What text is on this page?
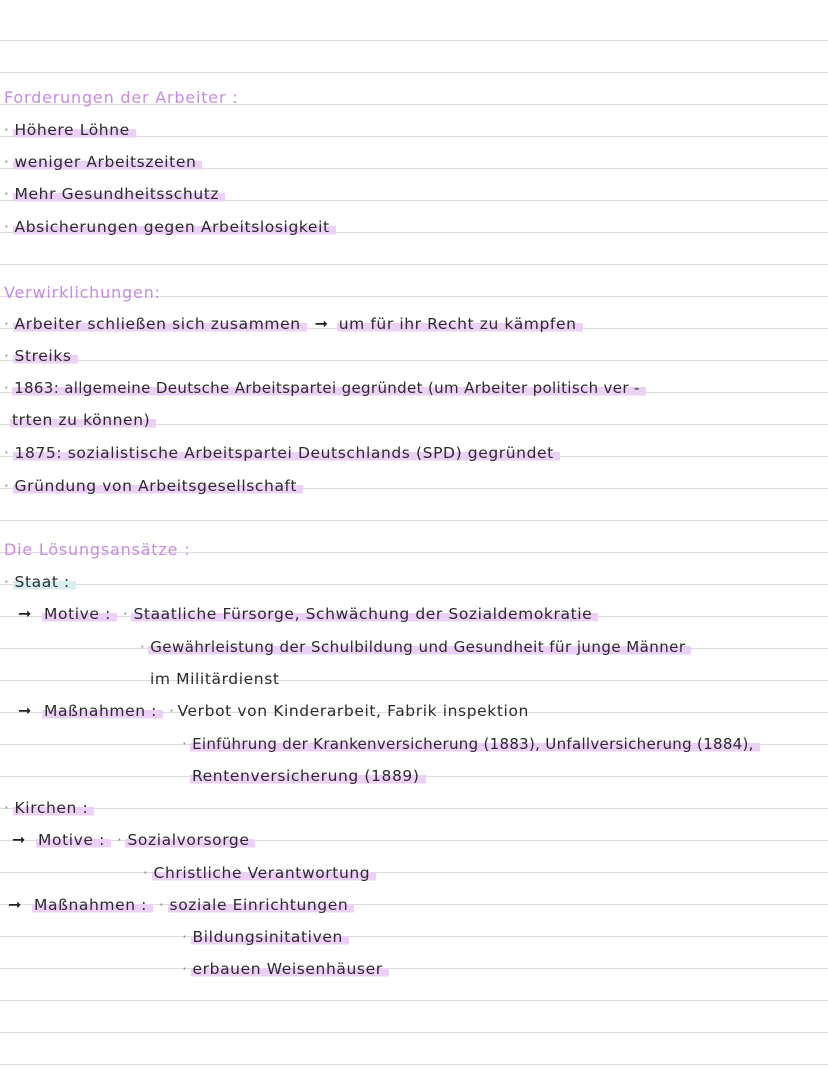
Forderungen der Arbeiter :
· Höhere Löhne
· weniger Arbeitszeiten
· Mehr Gesundheitsschutz
· Absicherungen gegen Arbeitslosigkeit
Verwirklichungen:
· Arbeiter schließen sich zusammen ➞ um für ihr Recht zu kämpfen
· Streiks
· 1863: allgemeine Deutsche Arbeitspartei gegründet (um Arbeiter politisch ver -
trten zu können)
· 1875: sozialistische Arbeitspartei Deutschlands (SPD) gegründet
· Gründung von Arbeitsgesellschaft
Die Lösungsansätze :
· Staat :
➞ Motive : · Staatliche Fürsorge, Schwächung der Sozialdemokratie
· Gewährleistung der Schulbildung und Gesundheit für junge Männer
im Militärdienst
➞ Maßnahmen : · Verbot von Kinderarbeit, Fabrik inspektion
· Einführung der Krankenversicherung (1883), Unfallversicherung (1884),
Rentenversicherung (1889)
· Kirchen :
➞ Motive : · Sozialvorsorge
· Christliche Verantwortung
➞ Maßnahmen : · soziale Einrichtungen
· Bildungsinitativen
· erbauen Weisenhäuser
